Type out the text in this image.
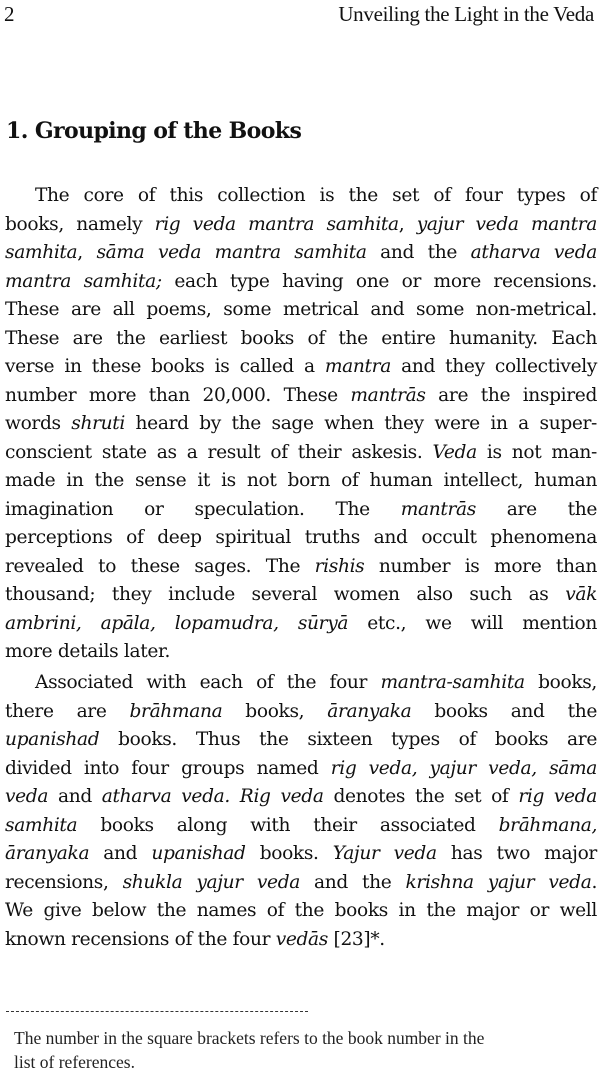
2	Unveiling the Light in the Veda
1. Grouping of the Books
The core of this collection is the set of four types of
books, namely rig veda mantra samhita, yajur veda mantra
samhita, sāma veda mantra samhita and the atharva veda
mantra samhita; each type having one or more recensions.
These are all poems, some metrical and some non-metrical.
These are the earliest books of the entire humanity. Each
verse in these books is called a mantra and they collectively
number more than 20,000. These mantrās are the inspired
words shruti heard by the sage when they were in a super-
conscient state as a result of their askesis. Veda is not man-
made in the sense it is not born of human intellect, human
imagination or speculation. The mantrās are the
perceptions of deep spiritual truths and occult phenomena
revealed to these sages. The rishis number is more than
thousand; they include several women also such as vāk
ambrini, apāla, lopamudra, sūryā etc., we will mention
more details later.
Associated with each of the four mantra-samhita books,
there are brāhmana books, āranyaka books and the
upanishad books. Thus the sixteen types of books are
divided into four groups named rig veda, yajur veda, sāma
veda and atharva veda. Rig veda denotes the set of rig veda
samhita books along with their associated brāhmana,
āranyaka and upanishad books. Yajur veda has two major
recensions, shukla yajur veda and the krishna yajur veda.
We give below the names of the books in the major or well
known recensions of the four vedās [23]*.
The number in the square brackets refers to the book number in the
list of references.
